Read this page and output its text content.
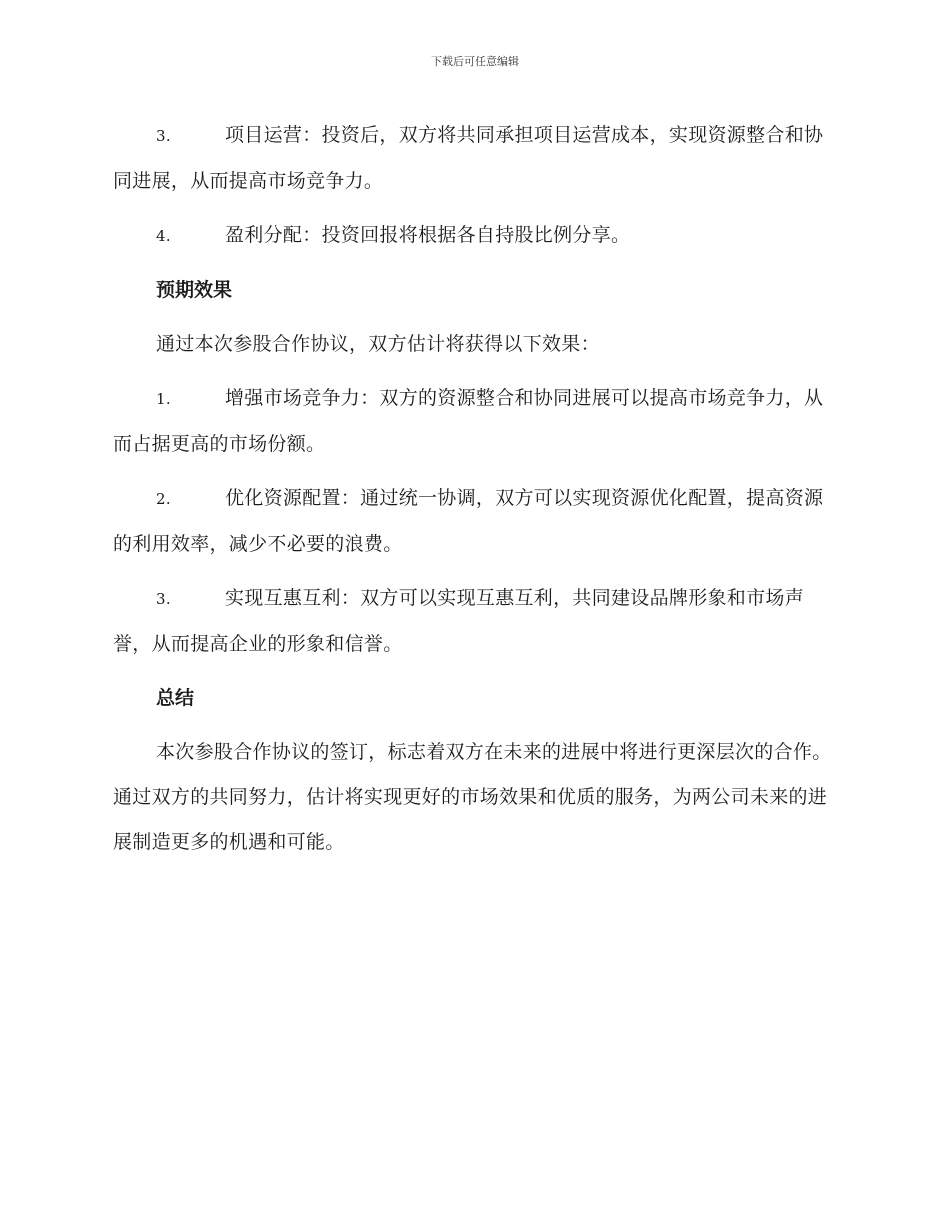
下载后可任意编辑
3.	项目运营：投资后，双方将共同承担项目运营成本，实现资源整合和协同进展，从而提高市场竞争力。
4.	盈利分配：投资回报将根据各自持股比例分享。
预期效果
通过本次参股合作协议，双方估计将获得以下效果：
1.	增强市场竞争力：双方的资源整合和协同进展可以提高市场竞争力，从而占据更高的市场份额。
2.	优化资源配置：通过统一协调，双方可以实现资源优化配置，提高资源的利用效率，减少不必要的浪费。
3.	实现互惠互利：双方可以实现互惠互利，共同建设品牌形象和市场声誉，从而提高企业的形象和信誉。
总结
本次参股合作协议的签订，标志着双方在未来的进展中将进行更深层次的合作。通过双方的共同努力，估计将实现更好的市场效果和优质的服务，为两公司未来的进展制造更多的机遇和可能。
